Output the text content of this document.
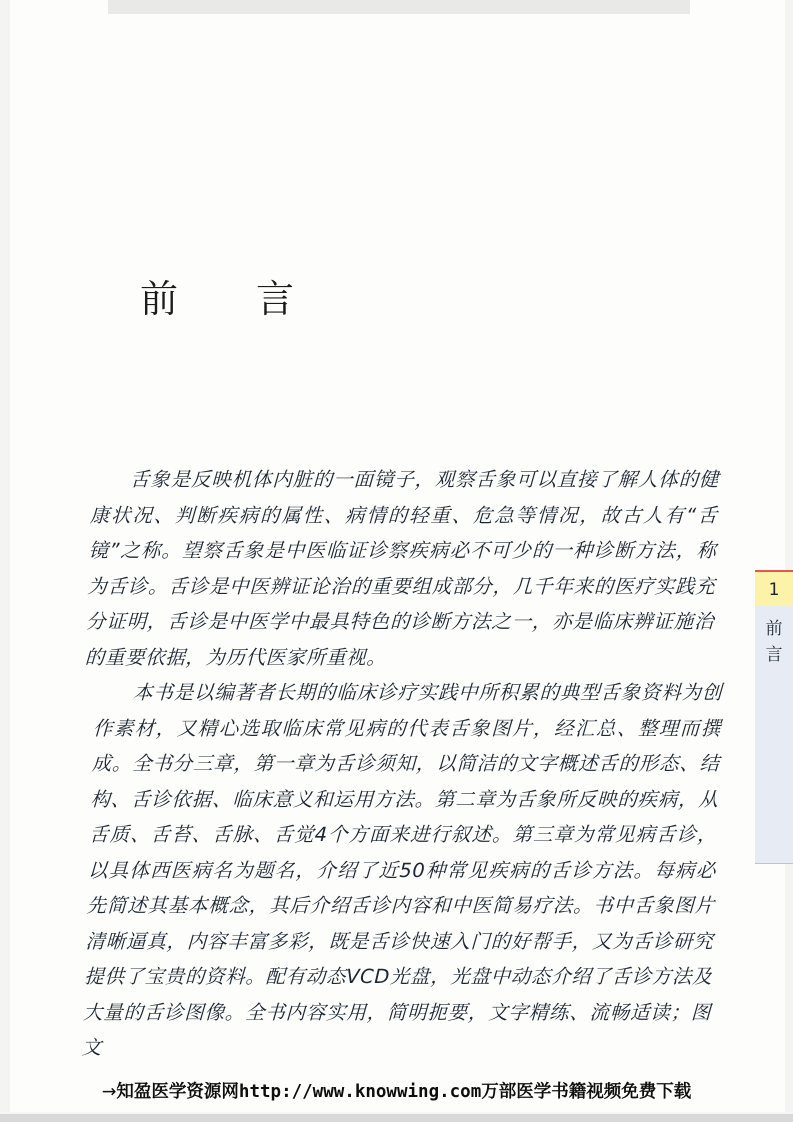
前　言

舌象是反映机体内脏的一面镜子，观察舌象可以直接了解人体的健康状况、判断疾病的属性、病情的轻重、危急等情况，故古人有“舌镜”之称。望察舌象是中医临证诊察疾病必不可少的一种诊断方法，称为舌诊。舌诊是中医辨证论治的重要组成部分，几千年来的医疗实践充分证明，舌诊是中医学中最具特色的诊断方法之一，亦是临床辨证施治的重要依据，为历代医家所重视。

本书是以编著者长期的临床诊疗实践中所积累的典型舌象资料为创作素材，又精心选取临床常见病的代表舌象图片，经汇总、整理而撰成。全书分三章，第一章为舌诊须知，以简洁的文字概述舌的形态、结构、舌诊依据、临床意义和运用方法。第二章为舌象所反映的疾病，从舌质、舌苔、舌脉、舌觉4个方面来进行叙述。第三章为常见病舌诊，以具体西医病名为题名，介绍了近50种常见疾病的舌诊方法。每病必先简述其基本概念，其后介绍舌诊内容和中医简易疗法。书中舌象图片清晰逼真，内容丰富多彩，既是舌诊快速入门的好帮手，又为舌诊研究提供了宝贵的资料。配有动态VCD光盘，光盘中动态介绍了舌诊方法及大量的舌诊图像。全书内容实用，简明扼要，文字精练、流畅适读；图文

1
前
言
→知盈医学资源网http://www.knowwing.com万部医学书籍视频免费下载
